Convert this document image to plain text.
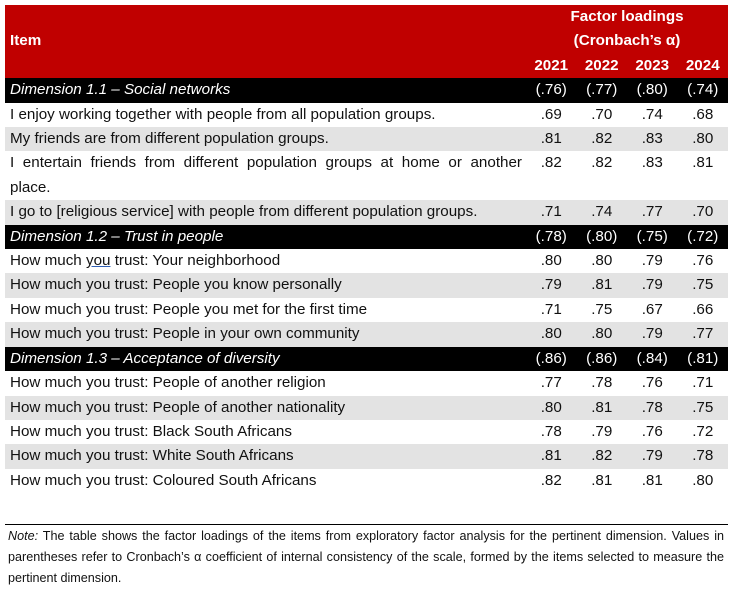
Item	Factor loadings			
	(Cronbach’s α)			
	2021	2022	2023	2024
Dimension 1.1 – Social networks	(.76)	(.77)	(.80)	(.74)
I enjoy working together with people from all population groups.	.69	.70	.74	.68
My friends are from different population groups.	.81	.82	.83	.80
I entertain friends from different population groups at home or another place.	.82	.82	.83	.81
I go to [religious service] with people from different population groups.	.71	.74	.77	.70
Dimension 1.2 – Trust in people	(.78)	(.80)	(.75)	(.72)
How much you trust: Your neighborhood	.80	.80	.79	.76
How much you trust: People you know personally	.79	.81	.79	.75
How much you trust: People you met for the first time	.71	.75	.67	.66
How much you trust: People in your own community	.80	.80	.79	.77
Dimension 1.3 – Acceptance of diversity	(.86)	(.86)	(.84)	(.81)
How much you trust: People of another religion	.77	.78	.76	.71
How much you trust: People of another nationality	.80	.81	.78	.75
How much you trust: Black South Africans	.78	.79	.76	.72
How much you trust: White South Africans	.81	.82	.79	.78
How much you trust: Coloured South Africans	.82	.81	.81	.80
Note: The table shows the factor loadings of the items from exploratory factor analysis for the pertinent dimension. Values in parentheses refer to Cronbach’s α coefficient of internal consistency of the scale, formed by the items selected to measure the pertinent dimension.
